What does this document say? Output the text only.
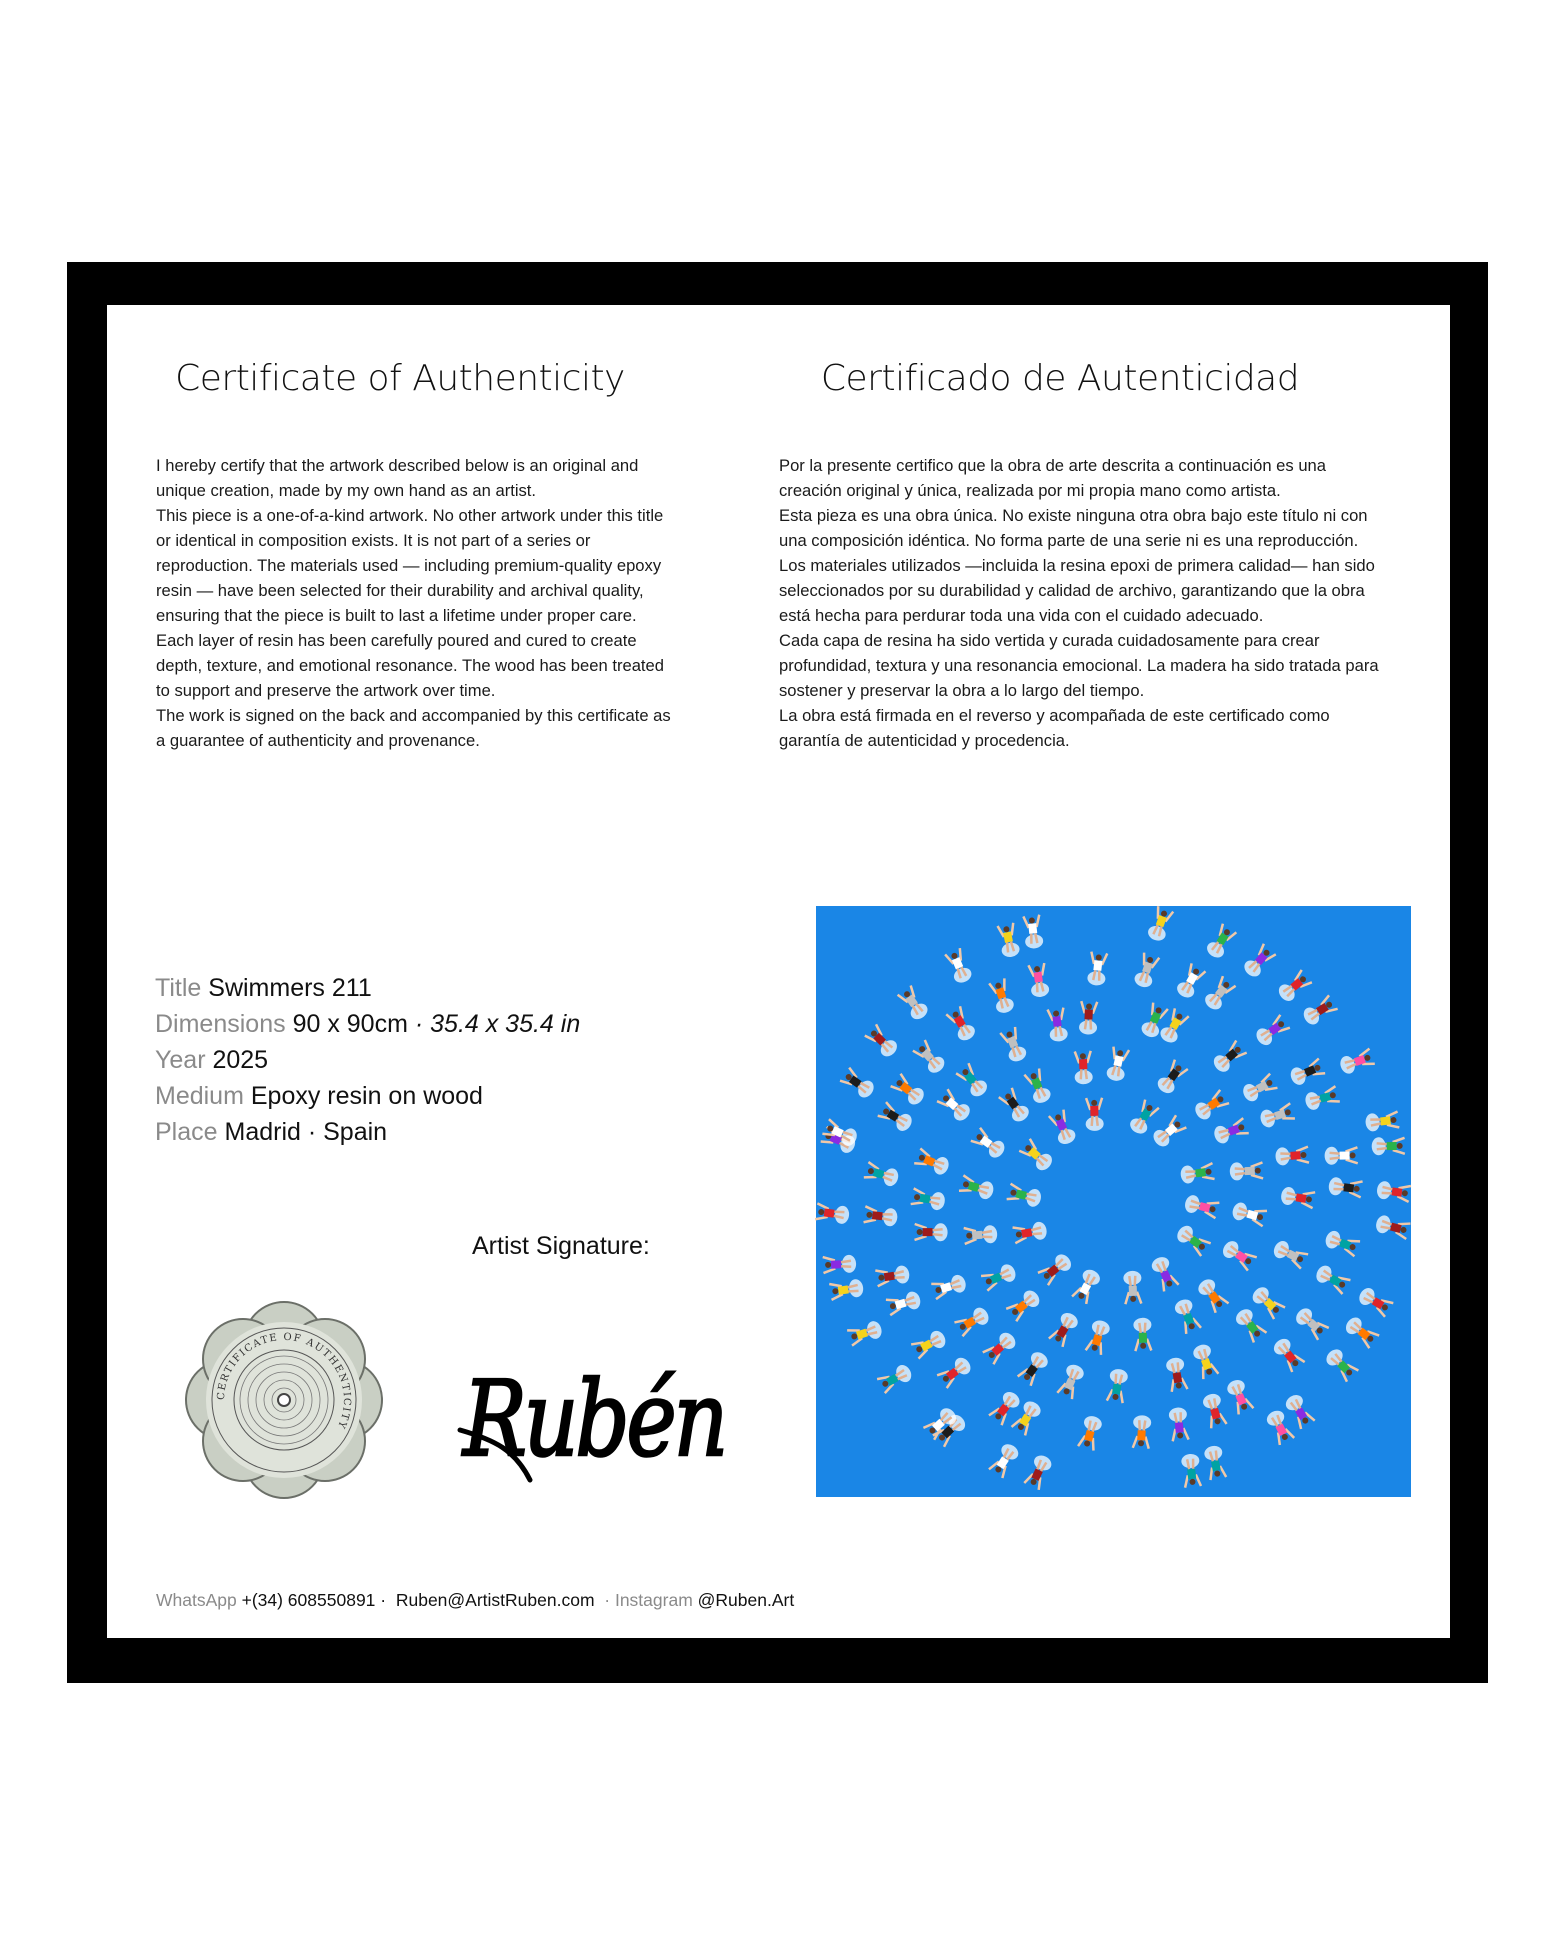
Certificate of Authenticity	Certificado de Autenticidad

I hereby certify that the artwork described below is an original and unique creation, made by my own hand as an artist.

This piece is a one-of-a-kind artwork. No other artwork under this title or identical in composition exists. It is not part of a series or reproduction. The materials used — including premium-quality epoxy resin — have been selected for their durability and archival quality, ensuring that the piece is built to last a lifetime under proper care.

Each layer of resin has been carefully poured and cured to create depth, texture, and emotional resonance. The wood has been treated to support and preserve the artwork over time.

The work is signed on the back and accompanied by this certificate as a guarantee of authenticity and provenance.

Por la presente certifico que la obra de arte descrita a continuación es una creación original y única, realizada por mi propia mano como artista.

Esta pieza es una obra única. No existe ninguna otra obra bajo este título ni con una composición idéntica. No forma parte de una serie ni es una reproducción. Los materiales utilizados —incluida la resina epoxi de primera calidad— han sido seleccionados por su durabilidad y calidad de archivo, garantizando que la obra está hecha para perdurar toda una vida con el cuidado adecuado.

Cada capa de resina ha sido vertida y curada cuidadosamente para crear profundidad, textura y una resonancia emocional. La madera ha sido tratada para sostener y preservar la obra a lo largo del tiempo.

La obra está firmada en el reverso y acompañada de este certificado como garantía de autenticidad y procedencia.

Title Swimmers 211
Dimensions 90 x 90cm · 35.4 x 35.4 in
Year 2025
Medium Epoxy resin on wood
Place Madrid · Spain
Artist Signature:
CERTIFICATE OF AUTHENTICITY Rubén
WhatsApp +(34) 608550891 · Ruben@ArtistRuben.com · Instagram @Ruben.Art
